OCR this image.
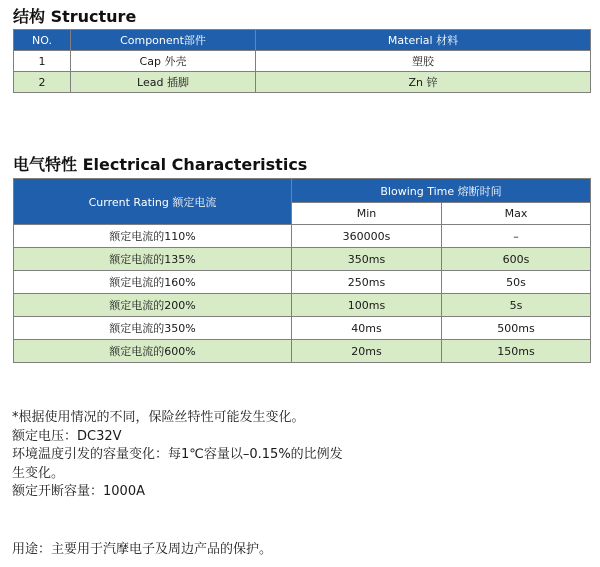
结构 Structure
NO.	Component部件	Material 材料
1	Cap 外壳	塑胶
2	Lead 插脚	Zn 锌
电气特性 Electrical Characteristics
Current Rating 额定电流	Blowing Time 熔断时间	
	Min	Max
额定电流的110%	360000s	–
额定电流的135%	350ms	600s
额定电流的160%	250ms	50s
额定电流的200%	100ms	5s
额定电流的350%	40ms	500ms
额定电流的600%	20ms	150ms
*根据使用情况的不同，保险丝特性可能发生变化。
额定电压：DC32V
环境温度引发的容量变化：每1℃容量以–0.15%的比例发
生变化。
额定开断容量：1000A
用途：主要用于汽摩电子及周边产品的保护。
